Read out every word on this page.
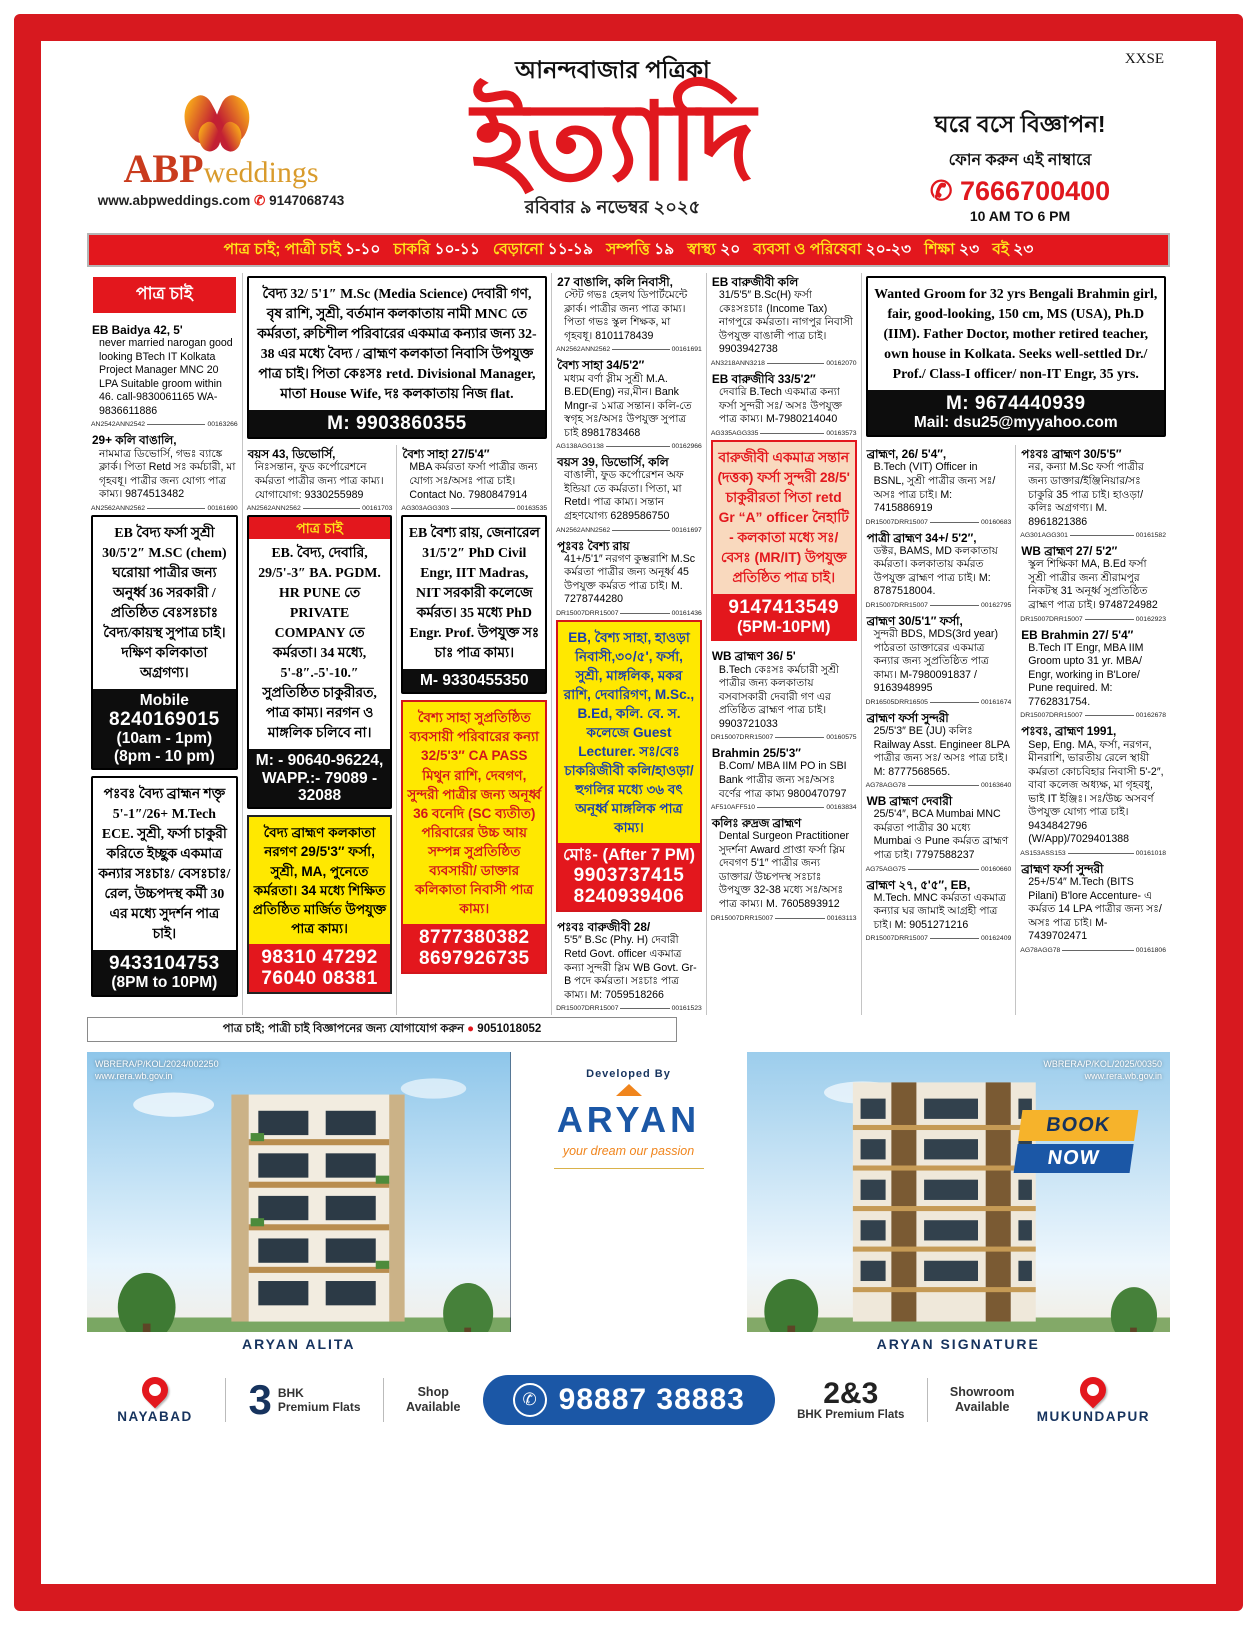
XXSE
ABPweddings
www.abpweddings.com ✆ 9147068743
আনন্দবাজার পত্রিকা
ইত্যাদি
রবিবার ৯ নভেম্বর ২০২৫
ঘরে বসে বিজ্ঞাপন!
ফোন করুন এই নাম্বারে
✆ 7666700400
10 AM TO 6 PM
পাত্র চাই; পাত্রী চাই ১-১০ চাকরি ১০-১১ বেড়ানো ১১-১৯ সম্পত্তি ১৯ স্বাস্থ্য ২০ ব্যবসা ও পরিষেবা ২০-২৩ শিক্ষা ২৩ বই ২৩
পাত্র চাই
EB Baidya 42, 5'
never married narogan good looking BTech IT Kolkata Project Manager MNC 20 LPA Suitable groom within 46. call-9830061165 WA-9836611886
AN2542ANN2542	00163266
29+ কলি বাঙালি,
নামমাত্র ডিভোর্সি, গভঃ ব্যাঙ্কে ক্লার্ক। পিতা Retd সঃ কর্মচারী, মা গৃহবধূ। পাত্রীর জন্য যোগ্য পাত্র কাম্য। 9874513482
AN2562ANN2562	00161690
EB বৈদ্য ফর্সা সুশ্রী 30/5'2″ M.SC (chem) ঘরোয়া পাত্রীর জন্য অনুর্ধ্ব 36 সরকারী / প্রতিষ্ঠিত বেঃসঃচাঃ বৈদ্য/কায়স্থ সুপাত্র চাই। দক্ষিণ কলিকাতা অগ্রগণ্য।
Mobile
8240169015
(10am - 1pm)
(8pm - 10 pm)
পঃবঃ বৈদ্য ব্রাহ্মন শক্তৃ 5'-1″/26+ M.Tech ECE. সুশ্রী, ফর্সা চাকুরী করিতে ইচ্ছুক একমাত্র কন্যার সঃচাঃ/ বেসঃচাঃ/ রেল, উচ্চপদস্থ কর্মী 30 এর মধ্যে সুদর্শন পাত্র চাই।
9433104753
(8PM to 10PM)
বৈদ্য 32/ 5'1″ M.Sc (Media Science) দেবারী গণ, বৃষ রাশি, সুশ্রী, বর্তমান কলকাতায় নামী MNC তে কর্মরতা, রুচিশীল পরিবারের একমাত্র কন্যার জন্য 32-38 এর মধ্যে বৈদ্য / ব্রাহ্মণ কলকাতা নিবাসি উপযুক্ত পাত্র চাই। পিতা কেঃসঃ retd. Divisional Manager, মাতা House Wife, দঃ কলকাতায় নিজ flat.
M: 9903860355
বয়স 43, ডিভোর্সি,
নিঃসন্তান, ফুড কর্পোরেশনে কর্মরতা পাত্রীর জন্য পাত্র কাম্য। যোগাযোগ: 9330255989
AN2562ANN2562	00161703
পাত্র চাই
EB. বৈদ্য, দেবারি, 29/5'-3″ BA. PGDM. HR PUNE তে PRIVATE COMPANY তে কর্মরতা। 34 মধ্যে, 5'-8″.-5'-10.″ সুপ্রতিষ্ঠিত চাকুরীরত, পাত্র কাম্য। নরগন ও মাঙ্গলিক চলিবে না।
M: - 90640-96224,
WAPP.:- 79089 - 32088
বৈদ্য ব্রাহ্মণ কলকাতা নরগণ 29/5'3″ ফর্সা, সুশ্রী, MA, পুনেতে কর্মরতা। 34 মধ্যে শিক্ষিত প্রতিষ্ঠিত মার্জিত উপযুক্ত পাত্র কাম্য।
98310 47292
76040 08381
বৈশ্য সাহা 27/5'4″
MBA কর্মরতা ফর্সা পাত্রীর জন্য যোগ্য সঃ/অসঃ পাত্র চাই। Contact No. 7980847914
AG303AGG303	00163535
EB বৈশ্য রায়, জেনারেল 31/5'2″ PhD Civil Engr, IIT Madras, NIT সরকারী কলেজে কর্মরত। 35 মধ্যে PhD Engr. Prof. উপযুক্ত সঃ চাঃ পাত্র কাম্য।
M- 9330455350
বৈশ্য সাহা সুপ্রতিষ্ঠিত ব্যবসায়ী পরিবারের কন্যা 32/5'3″ CA PASS মিথুন রাশি, দেবগণ, সুন্দরী পাত্রীর জন্য অনূর্ধ্ব 36 বনেদি (SC ব্যতীত) পরিবারের উচ্চ আয় সম্পন্ন সুপ্রতিষ্ঠিত ব্যবসায়ী/ ডাক্তার কলিকাতা নিবাসী পাত্র কাম্য।
8777380382
8697926735
27 বাঙালি, কলি নিবাসী,
স্টেট গভঃ হেলথ ডিপার্টমেন্টে ক্লার্ক। পাত্রীর জন্য পাত্র কাম্য। পিতা গভঃ স্কুল শিক্ষক, মা গৃহবধূ। 8101178439
AN2562ANN2562	00161691
বৈশ্য সাহা 34/5'2″
মধ্যম বর্ণা স্লীম সুশ্রী M.A. B.ED(Eng) নর,মীন। Bank Mngr-র ১মাত্র সন্তান। কলি-তে স্বগৃহ সঃ/অসঃ উপযুক্ত সুপাত্র চাই 8981783468
AG138AGG138	00162966
বয়স 39, ডিভোর্সি, কলি
বাঙালী, ফুড কর্পোরেশন অফ ইন্ডিয়া তে কর্মরতা। পিতা, মা Retd। পাত্র কাম্য। সন্তান গ্রহণযোগ্য 6289586750
AN2562ANN2562	00161697
পূঃবঃ বৈশ্য রায়
41+/5'1″ নরগণ কুম্ভরাশি M.Sc কর্মরতা পাত্রীর জন্য অনূর্ধ্ব 45 উপযুক্ত কর্মরত পাত্র চাই। M. 7278744280
DR15007DRR15007	00161436
EB, বৈশ্য সাহা, হাওড়া নিবাসী,৩০/৫', ফর্সা, সুশ্রী, মাঙ্গলিক, মকর রাশি, দেবারিগণ, M.Sc., B.Ed, কলি. বে. স. কলেজে Guest Lecturer. সঃ/বেঃ চাকরিজীবী কলি/হাওড়া/ হুগলির মধ্যে ৩৬ বৎ অনূর্ধ্ব মাঙ্গলিক পাত্র কাম্য।
মোঃ- (After 7 PM)
9903737415
8240939406
পঃবঃ বারুজীবী 28/
5'5″ B.Sc (Phy. H) দেবারী Retd Govt. officer একমাত্র কন্যা সুন্দরী স্লিম WB Govt. Gr-B পদে কর্মরতা। সঃচাঃ পাত্র কাম্য। M: 7059518266
DR15007DRR15007	00161523
EB বারুজীবী কলি
31/5'5″ B.Sc(H) ফর্সা কেঃসঃচাঃ (Income Tax) নাগপুরে কর্মরতা। নাগপুর নিবাসী উপযুক্ত বাঙালী পাত্র চাই। 9903942738
AN3218ANN3218	00162070
EB বারুজীবি 33/5'2″
দেবারি B.Tech একমাত্র কন্যা ফর্সা সুন্দরী সঃ/ অসঃ উপযুক্ত পাত্র কাম্য। M-7980214040
AG335AGG335	00163573
বারুজীবী একমাত্র সন্তান (দত্তক) ফর্সা সুন্দরী 28/5' চাকুরীরতা পিতা retd Gr “A” officer নৈহাটি - কলকাতা মধ্যে সঃ/বেসঃ (MR/IT) উপযুক্ত প্রতিষ্ঠিত পাত্র চাই।
9147413549
(5PM-10PM)
WB ব্রাহ্মণ 36/ 5'
B.Tech কেঃসঃ কর্মচারী সুশ্রী পাত্রীর জন্য কলকাতায় বসবাসকারী দেবারী গণ এর প্রতিষ্ঠিত ব্রাহ্মণ পাত্র চাই। 9903721033
DR15007DRR15007	00160575
Brahmin 25/5'3″
B.Com/ MBA IIM PO in SBI Bank পাত্রীর জন্য সঃ/অসঃ বর্ণের পাত্র কাম্য 9800470797
AF510AFF510	00163834
কলিঃ রুদ্রজ ব্রাহ্মণ
Dental Surgeon Practitioner সুদর্শনা Award প্রাপ্তা ফর্সা স্লিম দেবগণ 5'1″ পাত্রীর জন্য ডাক্তার/ উচ্চপদস্থ সঃচাঃ উপযুক্ত 32-38 মধ্যে সঃ/অসঃ পাত্র কাম্য। M. 7605893912
DR15007DRR15007	00163113
Wanted Groom for 32 yrs Bengali Brahmin girl, fair, good-looking, 150 cm, MS (USA), Ph.D (IIM). Father Doctor, mother retired teacher, own house in Kolkata. Seeks well-settled Dr./ Prof./ Class-I officer/ non-IT Engr, 35 yrs.
M: 9674440939
Mail: dsu25@myyahoo.com
ব্রাহ্মণ, 26/ 5'4″,
B.Tech (VIT) Officer in BSNL, সুশ্রী পাত্রীর জন্য সঃ/ অসঃ পাত্র চাই। M: 7415886919
DR15007DRR15007	00160683
পাত্রী ব্রাহ্মণ 34+/ 5'2″,
ডক্টর, BAMS, MD কলকাতায় কর্মরতা। কলকাতায় কর্মরত উপযুক্ত ব্রাহ্মণ পাত্র চাই। M: 8787518004.
DR15007DRR15007	00162795
ব্রাহ্মণ 30/5'1″ ফর্সা,
সুন্দরী BDS, MDS(3rd year) পাঠরতা ডাক্তারের একমাত্র কন্যার জন্য সুপ্রতিষ্ঠিত পাত্র কাম্য। M-7980091837 / 9163948995
DR16505DRR16505	00161674
ব্রাহ্মণ ফর্সা সুন্দরী
25/5'3″ BE (JU) কলিঃ Railway Asst. Engineer 8LPA পাত্রীর জন্য সঃ/ অসঃ পাত্র চাই। M: 8777568565.
AG78AGG78	00163640
WB ব্রাহ্মণ দেবারী
25/5'4″, BCA Mumbai MNC কর্মরতা পাত্রীর 30 মধ্যে Mumbai ও Pune কর্মরত ব্রাহ্মণ পাত্র চাই। 7797588237
AG75AGG75	00160660
ব্রাহ্মণ ২৭, ৫'৫″, EB,
M.Tech. MNC কর্মরতা একমাত্র কন্যার ঘর জামাই আগ্রহী পাত্র চাই। M: 9051271216
DR15007DRR15007	00162409
পঃবঃ ব্রাহ্মণ 30/5'5″
নর, কন্যা M.Sc ফর্সা পাত্রীর জন্য ডাক্তার/ইঞ্জিনিয়ার/সঃ চাকুরি 35 পাত্র চাই। হাওড়া/কলিঃ অগ্রগণ্য। M. 8961821386
AG301AGG301	00161582
WB ব্রাহ্মণ 27/ 5'2″
স্কুল শিক্ষিকা MA, B.Ed ফর্সা সুশ্রী পাত্রীর জন্য শ্রীরামপুর নিকটস্থ 31 অনূর্ধ্ব সুপ্রতিষ্ঠিত ব্রাহ্মণ পাত্র চাই। 9748724982
DR15007DRR15007	00162923
EB Brahmin 27/ 5'4″
B.Tech IT Engr, MBA IIM Groom upto 31 yr. MBA/ Engr, working in B'Lore/ Pune required. M: 7762831754.
DR15007DRR15007	00162678
পঃবঃ, ব্রাহ্মণ 1991,
Sep, Eng. MA, ফর্সা, নরগন, মীনরাশি, ভারতীয় রেলে স্থায়ী কর্মরতা কোচবিহার নিবাসী 5'-2″, বাবা কলেজ অধ্যক্ষ, মা গৃহবধু, ভাই IT ইঞ্জিঃ। সঃ/উচ্চ অসবর্ণ উপযুক্ত যোগ্য পাত্র চাই। 9434842796 (W/App)/7029401388
AS153ASS153	00161018
ব্রাহ্মণ ফর্সা সুন্দরী
25+/5'4″ M.Tech (BITS Pilani) B'lore Accenture- এ কর্মরত 14 LPA পাত্রীর জন্য সঃ/অসঃ পাত্র চাই। M- 7439702471
AG78AGG78	00161806
পাত্র চাই; পাত্রী চাই বিজ্ঞাপনের জন্য যোগাযোগ করুন ● 9051018052
WBRERA/P/KOL/2024/002250
www.rera.wb.gov.in
ARYAN ALITA
Developed By
ARYAN
your dream our passion
WBRERA/P/KOL/2025/00350
www.rera.wb.gov.in
BOOK
NOW
ARYAN SIGNATURE
NAYABAD 3 BHK
Premium Flats
Shop
Available	✆ 98887 38883	2&3
BHK Premium Flats
Showroom
Available
MUKUNDAPUR
